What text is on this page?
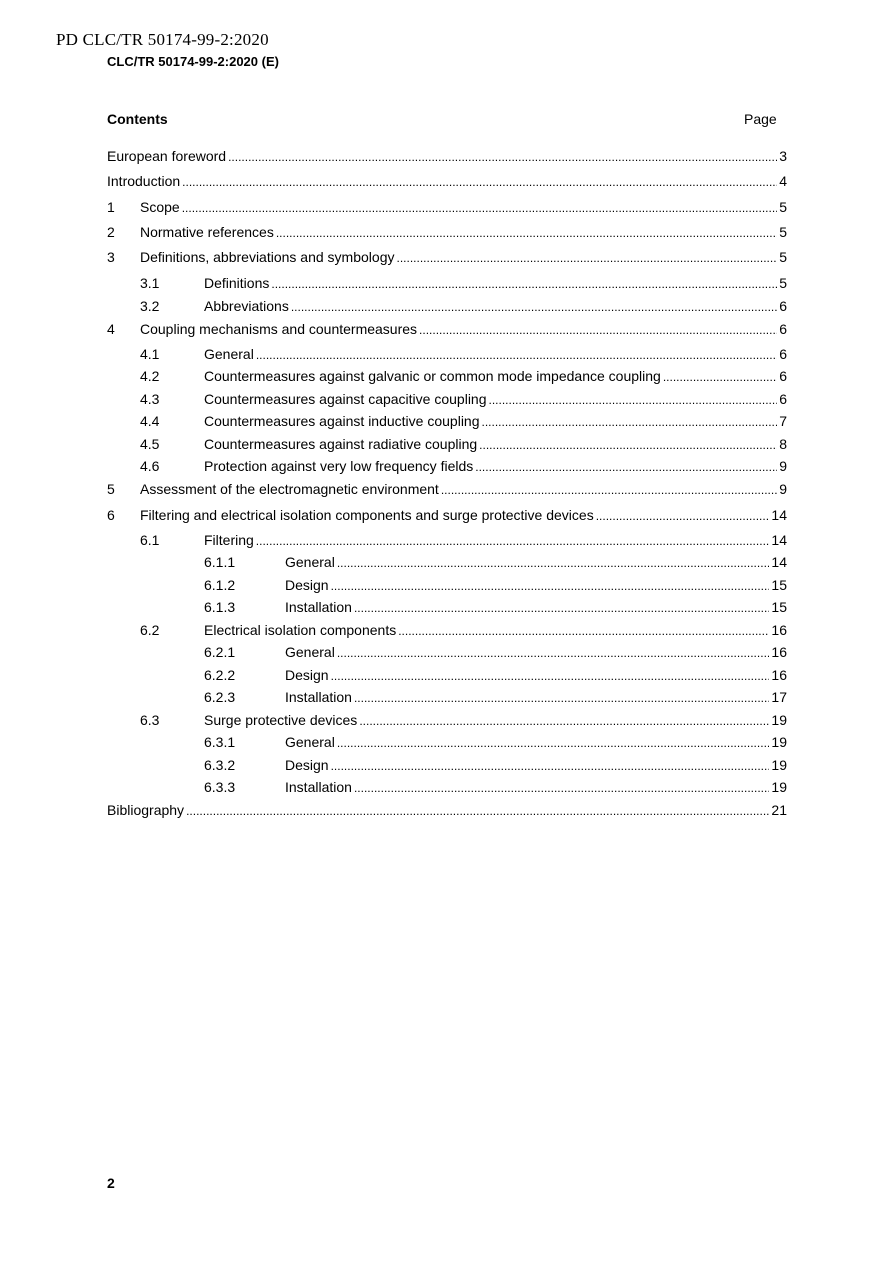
PD CLC/TR 50174-99-2:2020
CLC/TR 50174-99-2:2020 (E)
Contents	Page
European foreword .....	3
Introduction .....	4
1 Scope .....	5
2 Normative references .....	5
3 Definitions, abbreviations and symbology .....	5
3.1	Definitions .....	5
3.2	Abbreviations .....	6
4 Coupling mechanisms and countermeasures .....	6
4.1	General .....	6
4.2	Countermeasures against galvanic or common mode impedance coupling .....	6
4.3	Countermeasures against capacitive coupling .....	6
4.4	Countermeasures against inductive coupling .....	7
4.5	Countermeasures against radiative coupling .....	8
4.6	Protection against very low frequency fields .....	9
5 Assessment of the electromagnetic environment .....	9
6 Filtering and electrical isolation components and surge protective devices .....	14
6.1	Filtering .....	14
6.1.1	General .....	14
6.1.2	Design .....	15
6.1.3	Installation .....	15
6.2	Electrical isolation components .....	16
6.2.1	General .....	16
6.2.2	Design .....	16
6.2.3	Installation .....	17
6.3	Surge protective devices .....	19
6.3.1	General .....	19
6.3.2	Design .....	19
6.3.3	Installation .....	19
Bibliography .....	21
2
